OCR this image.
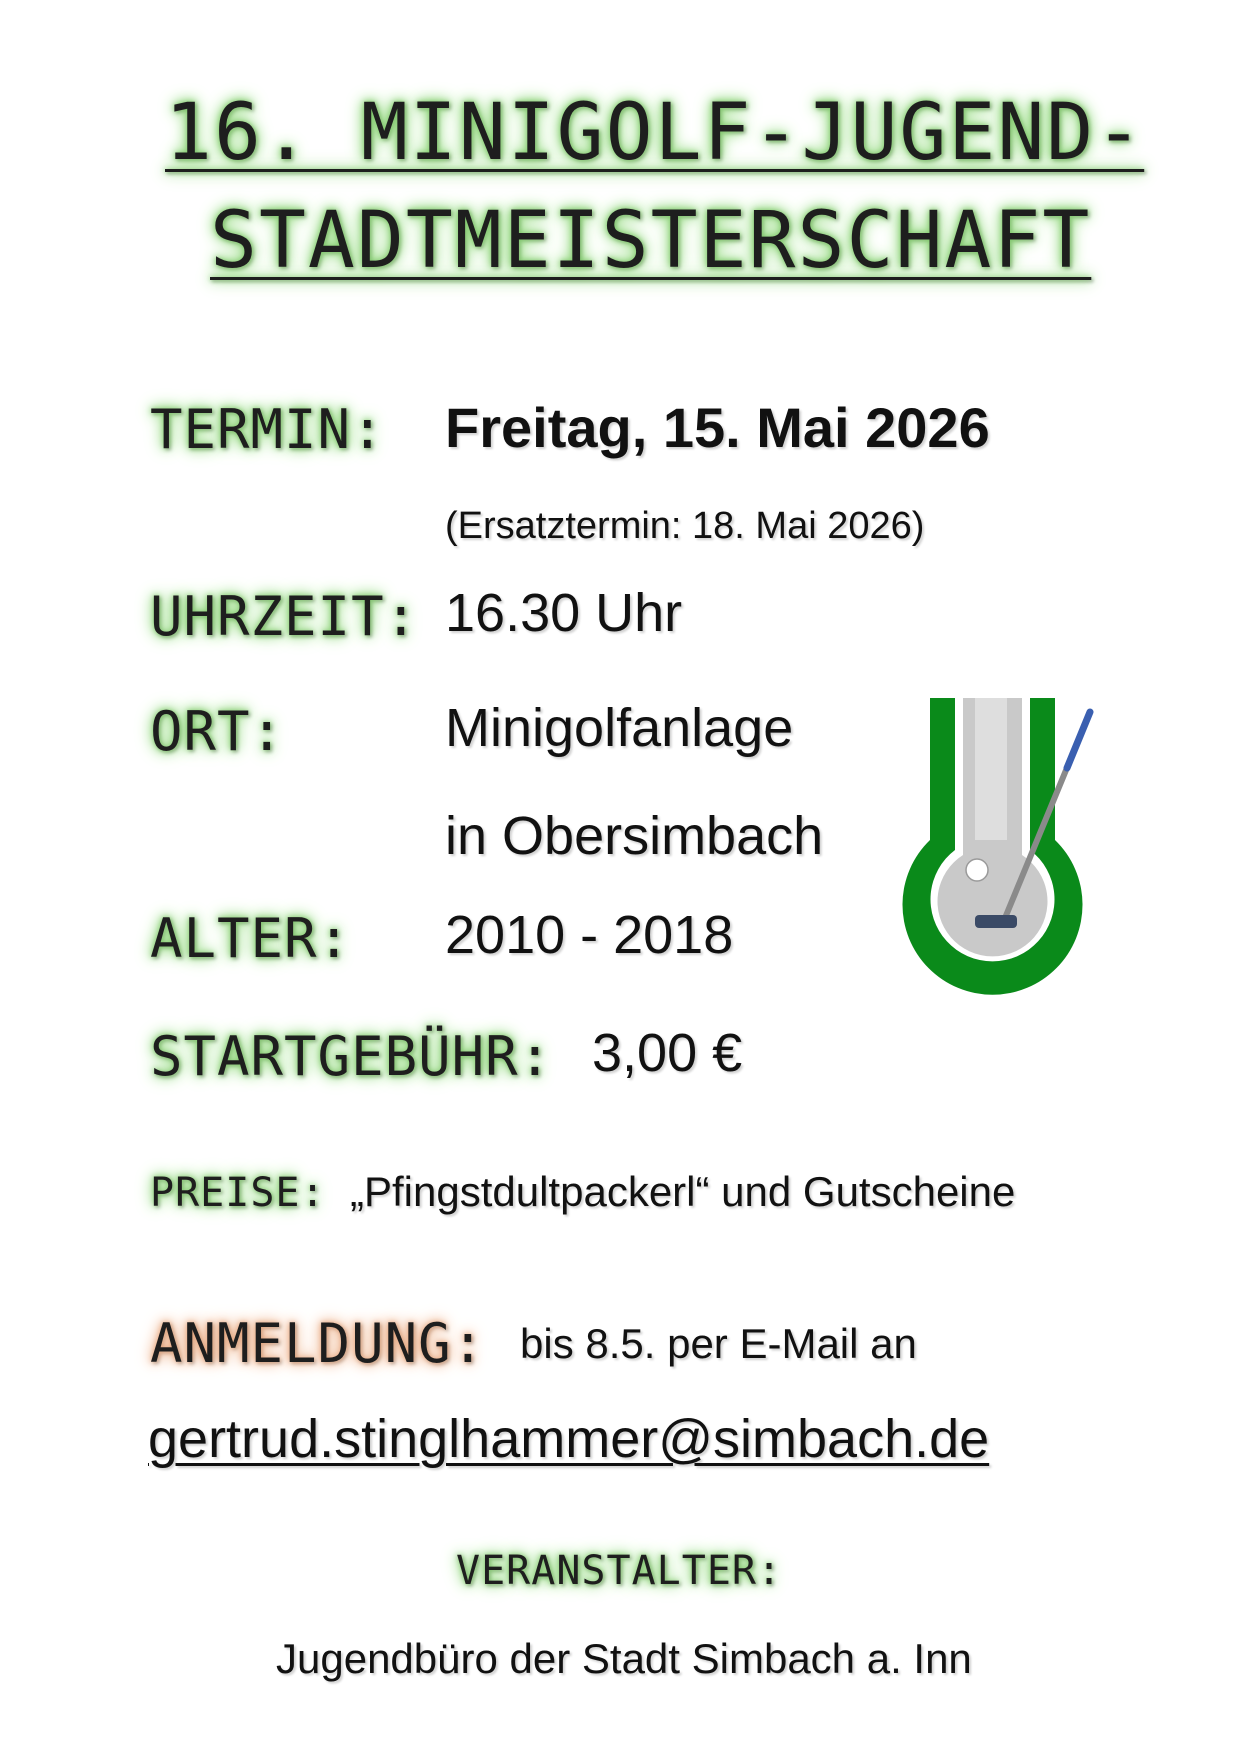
16. MINIGOLF-JUGEND-
STADTMEISTERSCHAFT
TERMIN: Freitag, 15. Mai 2026
(Ersatztermin: 18. Mai 2026)
UHRZEIT: 16.30 Uhr
ORT:	Minigolfanlage
in Obersimbach
ALTER: 2010 - 2018
STARTGEBÜHR: 3,00 €
PREISE: „Pfingstdultpackerl“ und Gutscheine
ANMELDUNG: bis 8.5. per E-Mail an
gertrud.stinglhammer@simbach.de
VERANSTALTER:
Jugendbüro der Stadt Simbach a. Inn
